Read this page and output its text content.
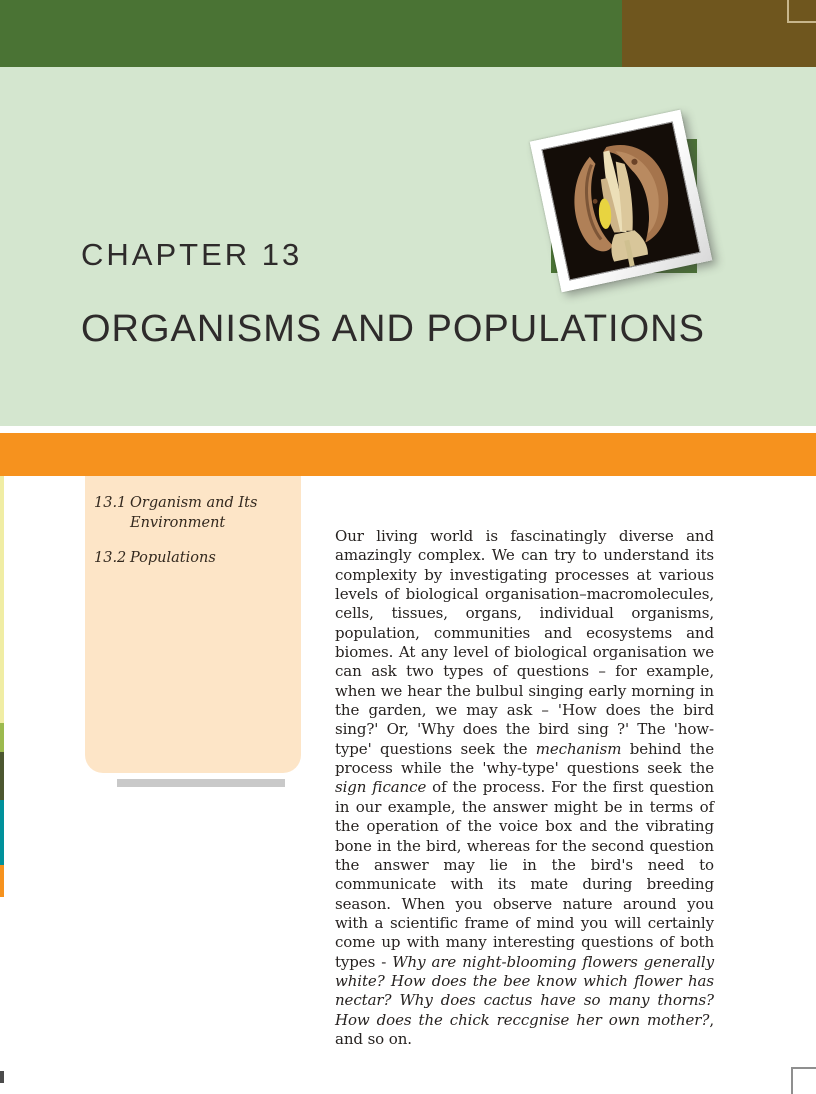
CHAPTER 13
ORGANISMS AND POPULATIONS
13.1 Organism and Its Environment
13.2 Populations
Our living world is fascinatingly diverse and amazingly complex. We can try to understand its complexity by investigating processes at various levels of biological organisation–macromolecules, cells, tissues, organs, individual organisms, population, communities and ecosystems and biomes. At any level of biological organisation we can ask two types of questions – for example, when we hear the bulbul singing early morning in the garden, we may ask – 'How does the bird sing?' Or, 'Why does the bird sing ?' The 'how-type' questions seek the mechanism behind the process while the 'why-type' questions seek the sign ficance of the process. For the first question in our example, the answer might be in terms of the operation of the voice box and the vibrating bone in the bird, whereas for the second question the answer may lie in the bird's need to communicate with its mate during breeding season. When you observe nature around you with a scientific frame of mind you will certainly come up with many interesting questions of both types - Why are night-blooming flowers generally white? How does the bee know which flower has nectar? Why does cactus have so many thorns? How does the chick reccgnise her own mother?, and so on.
